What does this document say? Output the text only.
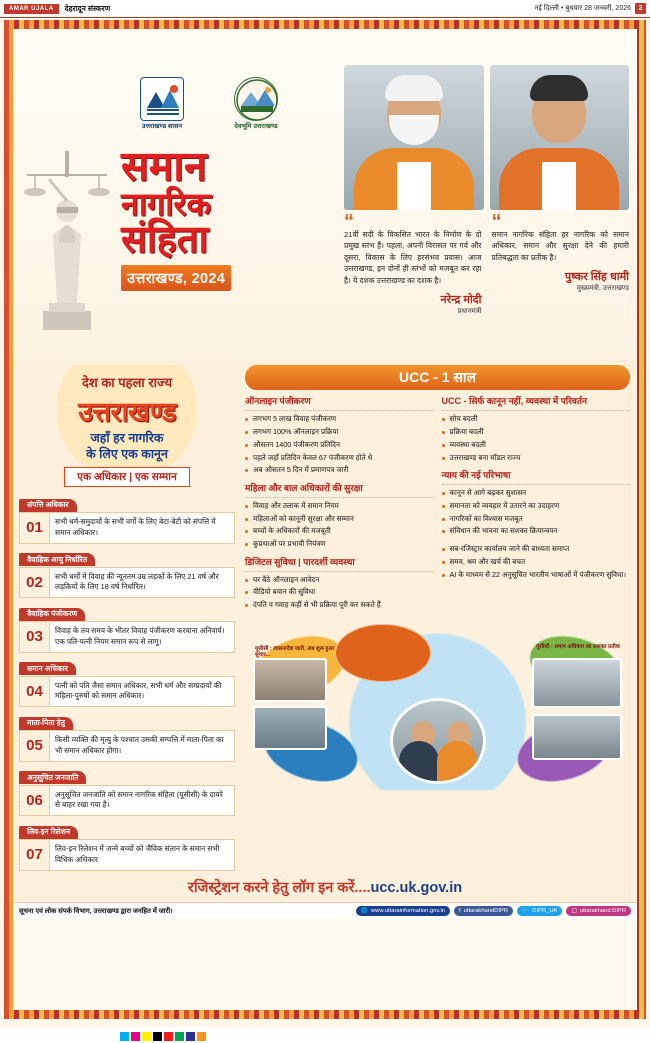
AMAR UJALA	देहरादून संस्करण	नई दिल्ली • बुधवार 28 जनवरी, 2026	2
उत्तराखण्ड शासन	देवभूमि उत्तराखण्ड
समान
नागरिक
संहिता
उत्तराखण्ड, 2024
“
21वीं सदी के विकसित भारत के निर्माण के दो प्रमुख स्तंभ हैं। पहला, अपनी विरासत पर गर्व और दूसरा, विकास के लिए हरसंभव प्रयास। आज उत्तराखण्ड, इन दोनों ही स्तंभों को मजबूत कर रहा है। ये दशक उत्तराखण्ड का दशक है।
नरेन्द्र मोदी
प्रधानमंत्री
“
समान नागरिक संहिता हर नागरिक को समान अधिकार, समान और सुरक्षा देने की हमारी प्रतिबद्धता का प्रतीक है।
पुष्कर सिंह धामी
मुख्यमंत्री, उत्तराखण्ड
देश का पहला राज्य
उत्तराखण्ड
जहाँ हर नागरिक
के लिए एक कानून
एक अधिकार | एक सम्मान
संपत्ति अधिकार
01	सभी धर्म-समुदायों के सभी वर्गों के लिए बेटा-बेटी को संपत्ति में समान अधिकार।
वैवाहिक आयु निर्धारित
02	सभी धर्मों में विवाह की न्यूनतम उम्र लड़कों के लिए 21 वर्ष और लड़कियों के लिए 18 वर्ष निर्धारित।
वैवाहिक पंजीकरण
03	विवाह के तय समय के भीतर विवाह पंजीकरण करवाना अनिवार्य। एक पति-पत्नी नियम समान रूप से लागू।
समान अधिकार
04	पत्नी को पति जैसा समान अधिकार, सभी धर्म और सम्प्रदायों की महिला-पुरुषों को समान अधिकार।
माता-पिता हेतु
05	किसी व्यक्ति की मृत्यु के पश्चात उसकी सम्पत्ति में माता-पिता का भी समान अधिकार होगा।
अनुसूचित जनजाति
06	अनुसूचित जनजाति को समान नागरिक संहिता (यूसीसी) के दायरे से बाहर रखा गया है।
लिव-इन रिलेशन
07	लिव-इन रिलेशन में जन्मे बच्चों को जैविक संतान के समान सभी विधिक अधिकार
UCC - 1 साल
ऑनलाइन पंजीकरण
लगभग 5 लाख विवाह पंजीकरण
लगभग 100% ऑनलाइन प्रक्रिया
औसतन 1400 पंजीकरण प्रतिदिन
पहले जहाँ प्रतिदिन केवल 67 पंजीकरण होते थे
अब औसतन 5 दिन में प्रमाणपत्र जारी
महिला और बाल अधिकारों की सुरक्षा
विवाह और तलाक में समान नियम
महिलाओं को कानूनी सुरक्षा और सम्मान
बच्चों के अधिकारों की मजबूती
कुप्रथाओं पर प्रभावी नियंत्रण
डिजिटल सुविधा | पारदर्शी व्यवस्था
घर बैठे ऑनलाइन आवेदन
वीडियो बयान की सुविधा
दंपति व गवाह कहीं से भी प्रक्रिया पूरी कर सकते हैं
UCC - सिर्फ कानून नहीं, व्यवस्था में परिवर्तन
सोच बदली
प्रक्रिया बदली
व्यवस्था बदली
उत्तराखण्ड बना मॉडल राज्य
न्याय की नई परिभाषा
कानून से आगे बढ़कर सुशासन
समानता को व्यवहार में उतारने का उदाहरण
नागरिकों का विश्वास मजबूत
संविधान की भावना का सशक्त क्रियान्वयन
सब-रजिस्ट्रार कार्यालय जाने की बाध्यता समाप्त
समय, श्रम और खर्च की बचत
AI के माध्यम से 22 अनुसूचित भारतीय भाषाओं में पंजीकरण सुविधा।
यूसीसी : शासनादेश जारी, अब शुरू हुआ सुधार...
यूसीसी : समान अधिकार का सशक्त प्रतीक
रजिस्ट्रेशन करने हेतु लॉग इन करें....ucc.uk.gov.in
सूचना एवं लोक संपर्क विभाग, उत्तराखण्ड द्वारा जनहित में जारी।	🌐 www.uttarainformation.gov.in f uttarakhandDIPR 🐦 DIPR_UK ▢ uttarakhand DIPR
